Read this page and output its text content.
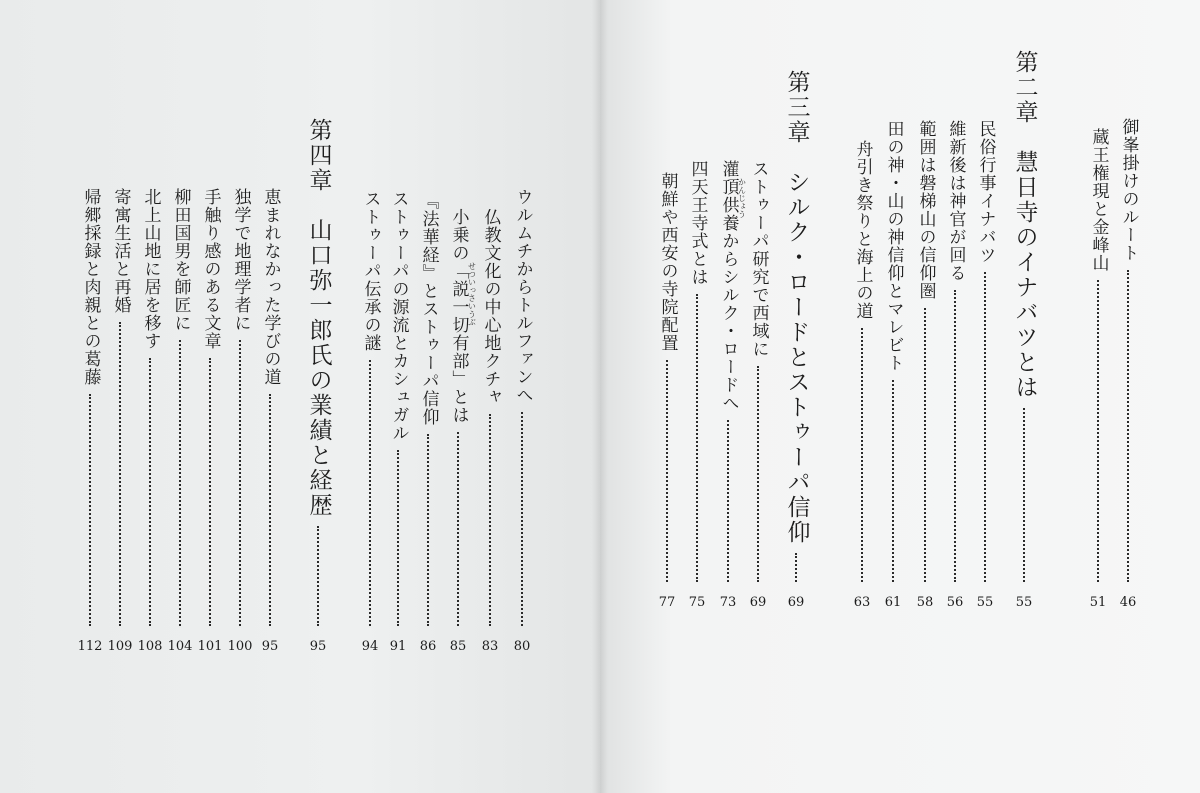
第四章　山口弥一郎氏の業績と経歴
95
ウルムチからトルファンへ
80
仏教文化の中心地クチャ
83
小乗の「説一切有部」とは せついっさいうぶ
85
『法華経』とストゥーパ信仰
86
ストゥーパの源流とカシュガル
91
ストゥーパ伝承の謎
94
恵まれなかった学びの道
95
独学で地理学者に
100
手触り感のある文章
101
柳田国男を師匠に
104
北上山地に居を移す
108
寄寓生活と再婚
109
帰郷採録と肉親との葛藤
112
御峯掛けのルート
46
蔵王権現と金峰山
51
第二章　慧日寺のイナバツとは
55
民俗行事イナバツ
55
維新後は神官が回る
56
範囲は磐梯山の信仰圏
58
田の神・山の神信仰とマレビト
61
舟引き祭りと海上の道
63
第三章　シルク・ロードとストゥーパ信仰
69
ストゥーパ研究で西域に
69
灌頂供養からシルク・ロードへ かんじょう
73
四天王寺式とは
75
朝鮮や西安の寺院配置
77
